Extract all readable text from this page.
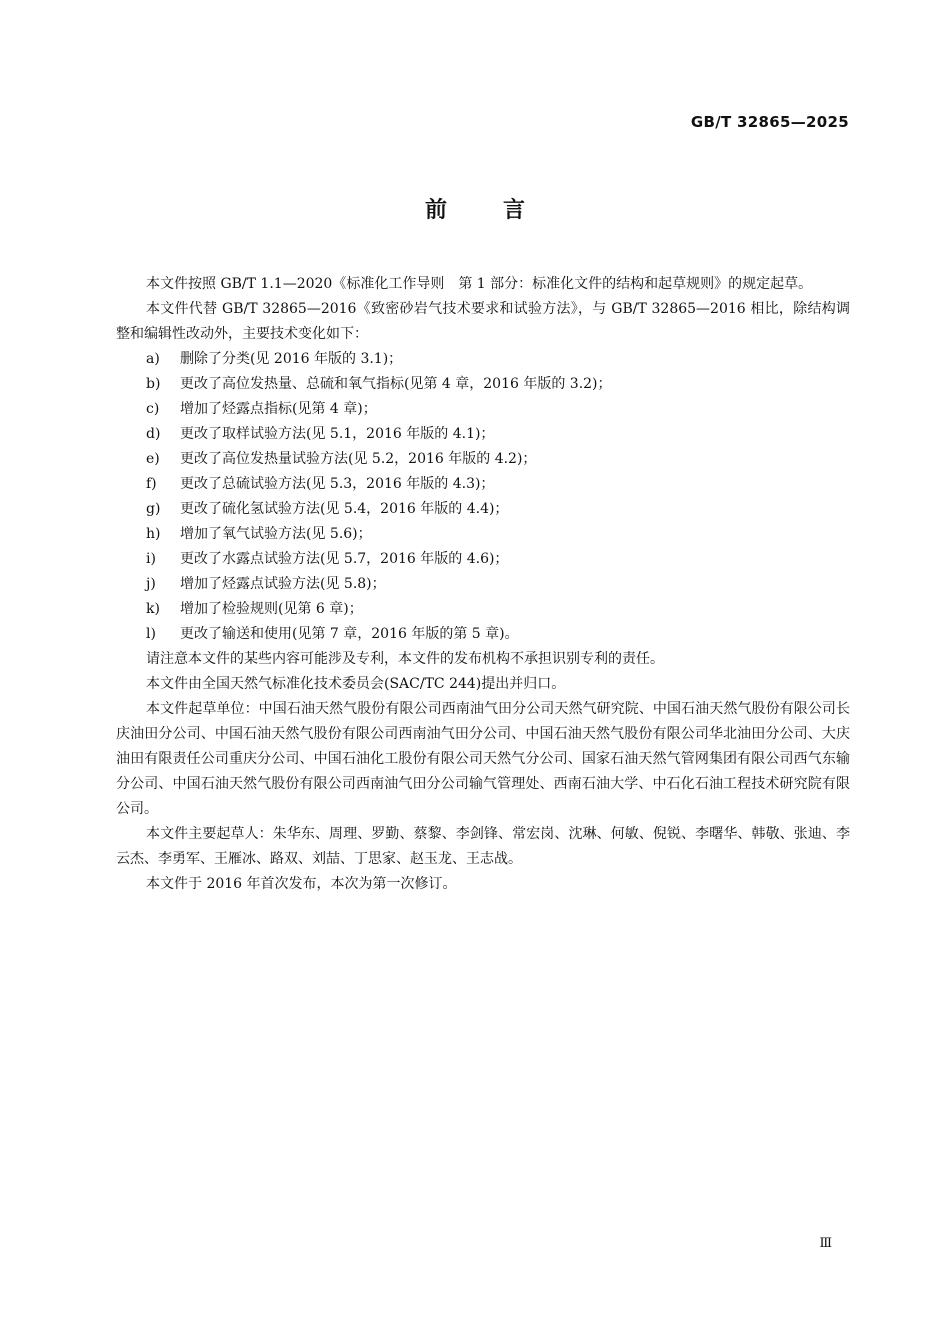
GB/T 32865—2025
前言

本文件按照 GB/T 1.1—2020《标准化工作导则　第 1 部分：标准化文件的结构和起草规则》的规定起草。

本文件代替 GB/T 32865—2016《致密砂岩气技术要求和试验方法》，与 GB/T 32865—2016 相比，除结构调整和编辑性改动外，主要技术变化如下：

a) 删除了分类(见 2016 年版的 3.1)；
b) 更改了高位发热量、总硫和氧气指标(见第 4 章，2016 年版的 3.2)；
c) 增加了烃露点指标(见第 4 章)；
d) 更改了取样试验方法(见 5.1，2016 年版的 4.1)；
e) 更改了高位发热量试验方法(见 5.2，2016 年版的 4.2)；
f) 更改了总硫试验方法(见 5.3，2016 年版的 4.3)；
g) 更改了硫化氢试验方法(见 5.4，2016 年版的 4.4)；
h) 增加了氧气试验方法(见 5.6)；
i) 更改了水露点试验方法(见 5.7，2016 年版的 4.6)；
j) 增加了烃露点试验方法(见 5.8)；
k) 增加了检验规则(见第 6 章)；
l) 更改了输送和使用(见第 7 章，2016 年版的第 5 章)。

请注意本文件的某些内容可能涉及专利，本文件的发布机构不承担识别专利的责任。

本文件由全国天然气标准化技术委员会(SAC/TC 244)提出并归口。

本文件起草单位：中国石油天然气股份有限公司西南油气田分公司天然气研究院、中国石油天然气股份有限公司长庆油田分公司、中国石油天然气股份有限公司西南油气田分公司、中国石油天然气股份有限公司华北油田分公司、大庆油田有限责任公司重庆分公司、中国石油化工股份有限公司天然气分公司、国家石油天然气管网集团有限公司西气东输分公司、中国石油天然气股份有限公司西南油气田分公司输气管理处、西南石油大学、中石化石油工程技术研究院有限公司。

本文件主要起草人：朱华东、周理、罗勤、蔡黎、李剑锋、常宏岗、沈琳、何敏、倪锐、李曙华、韩敬、张迪、李云杰、李勇军、王雁冰、路双、刘喆、丁思家、赵玉龙、王志战。

本文件于 2016 年首次发布，本次为第一次修订。

Ⅲ
